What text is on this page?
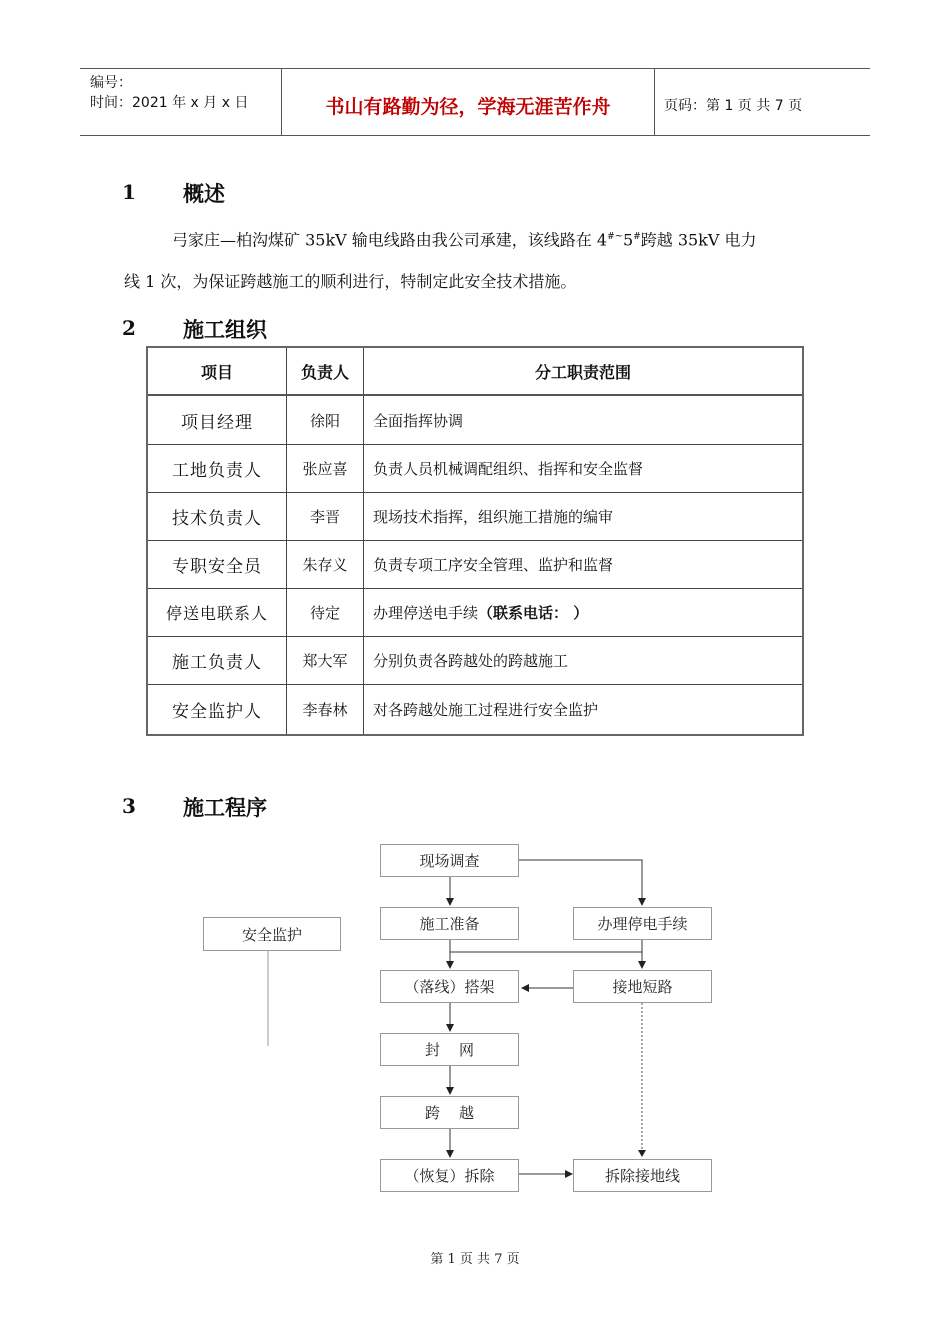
编号：
时间：2021 年 x 月 x 日	书山有路勤为径，学海无涯苦作舟	页码：第 1 页 共 7 页
1 概述
弓家庄—柏沟煤矿 35kV 输电线路由我公司承建，该线路在 4#~5#跨越 35kV 电力
线 1 次，为保证跨越施工的顺利进行，特制定此安全技术措施。
2 施工组织
项目	负责人	分工职责范围
项目经理	徐阳	全面指挥协调
工地负责人	张应喜	负责人员机械调配组织、指挥和安全监督
技术负责人	李晋	现场技术指挥，组织施工措施的编审
专职安全员	朱存义	负责专项工序安全管理、监护和监督
停送电联系人	待定	办理停送电手续 （联系电话： ）
施工负责人	郑大军	分别负责各跨越处的跨越施工
安全监护人	李春林	对各跨越处施工过程进行安全监护
3 施工程序
现场调查
施工准备	办理停电手续
安全监护
（落线）搭架	接地短路
封    网
跨    越
（恢复）拆除	拆除接地线
第 1 页 共 7 页
